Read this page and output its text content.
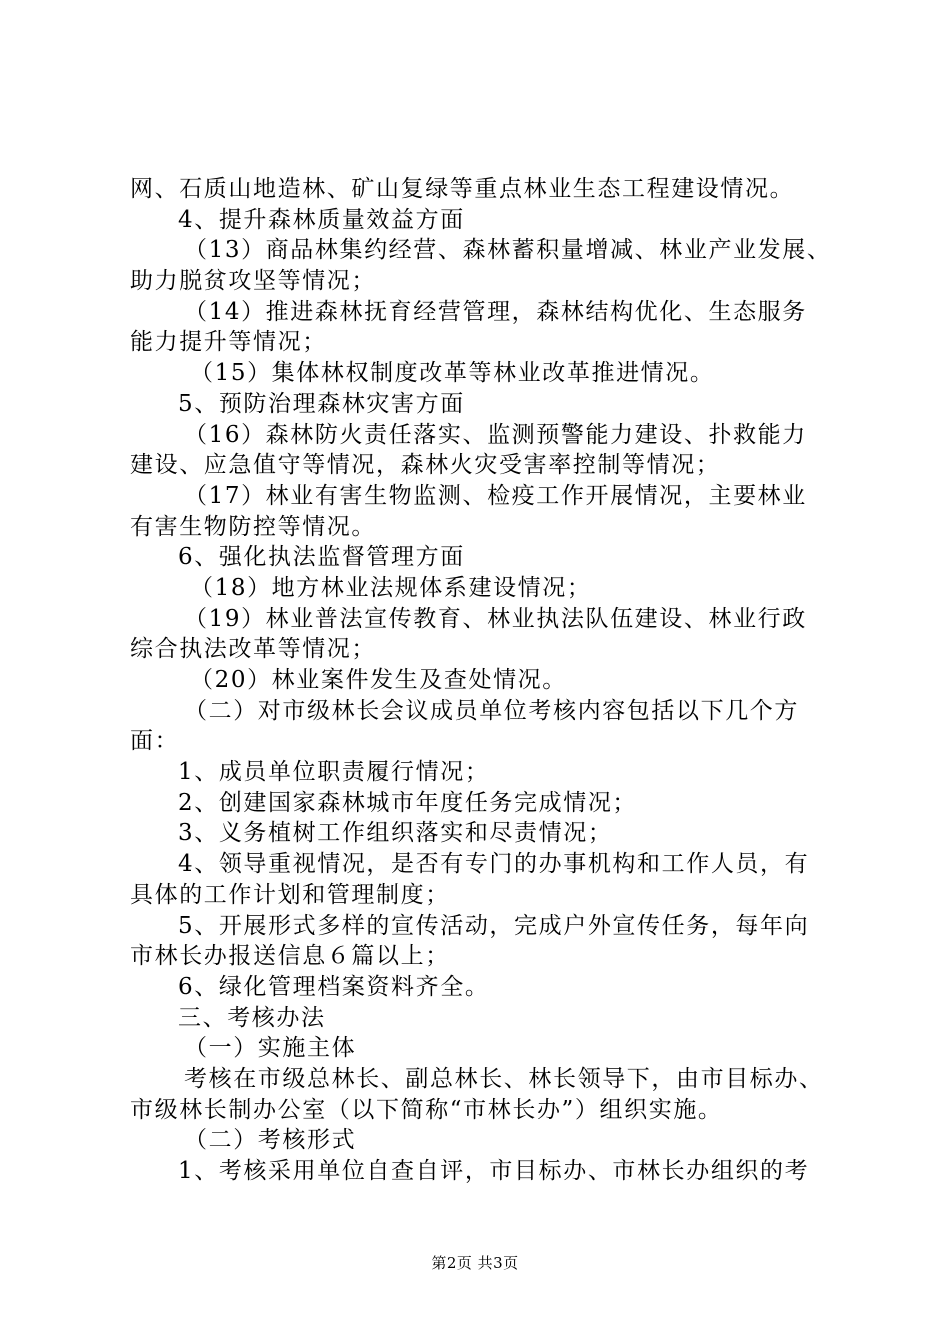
网、石质山地造林、矿山复绿等重点林业生态工程建设情况。
4、提升森林质量效益方面
（13）商品林集约经营、森林蓄积量增减、林业产业发展、
助力脱贫攻坚等情况；
（14）推进森林抚育经营管理，森林结构优化、生态服务
能力提升等情况；
（15）集体林权制度改革等林业改革推进情况。
5、预防治理森林灾害方面
（16）森林防火责任落实、监测预警能力建设、扑救能力
建设、应急值守等情况，森林火灾受害率控制等情况；
（17）林业有害生物监测、检疫工作开展情况，主要林业
有害生物防控等情况。
6、强化执法监督管理方面
（18）地方林业法规体系建设情况；
（19）林业普法宣传教育、林业执法队伍建设、林业行政
综合执法改革等情况；
（20）林业案件发生及查处情况。
（二）对市级林长会议成员单位考核内容包括以下几个方
面：
1、成员单位职责履行情况；
2、创建国家森林城市年度任务完成情况；
3、义务植树工作组织落实和尽责情况；
4、领导重视情况，是否有专门的办事机构和工作人员，有
具体的工作计划和管理制度；
5、开展形式多样的宣传活动，完成户外宣传任务，每年向
市林长办报送信息６篇以上；
6、绿化管理档案资料齐全。
三、考核办法
（一）实施主体
考核在市级总林长、副总林长、林长领导下，由市目标办、
市级林长制办公室（以下简称“市林长办”）组织实施。
（二）考核形式
1、考核采用单位自查自评，市目标办、市林长办组织的考
第2页 共3页
